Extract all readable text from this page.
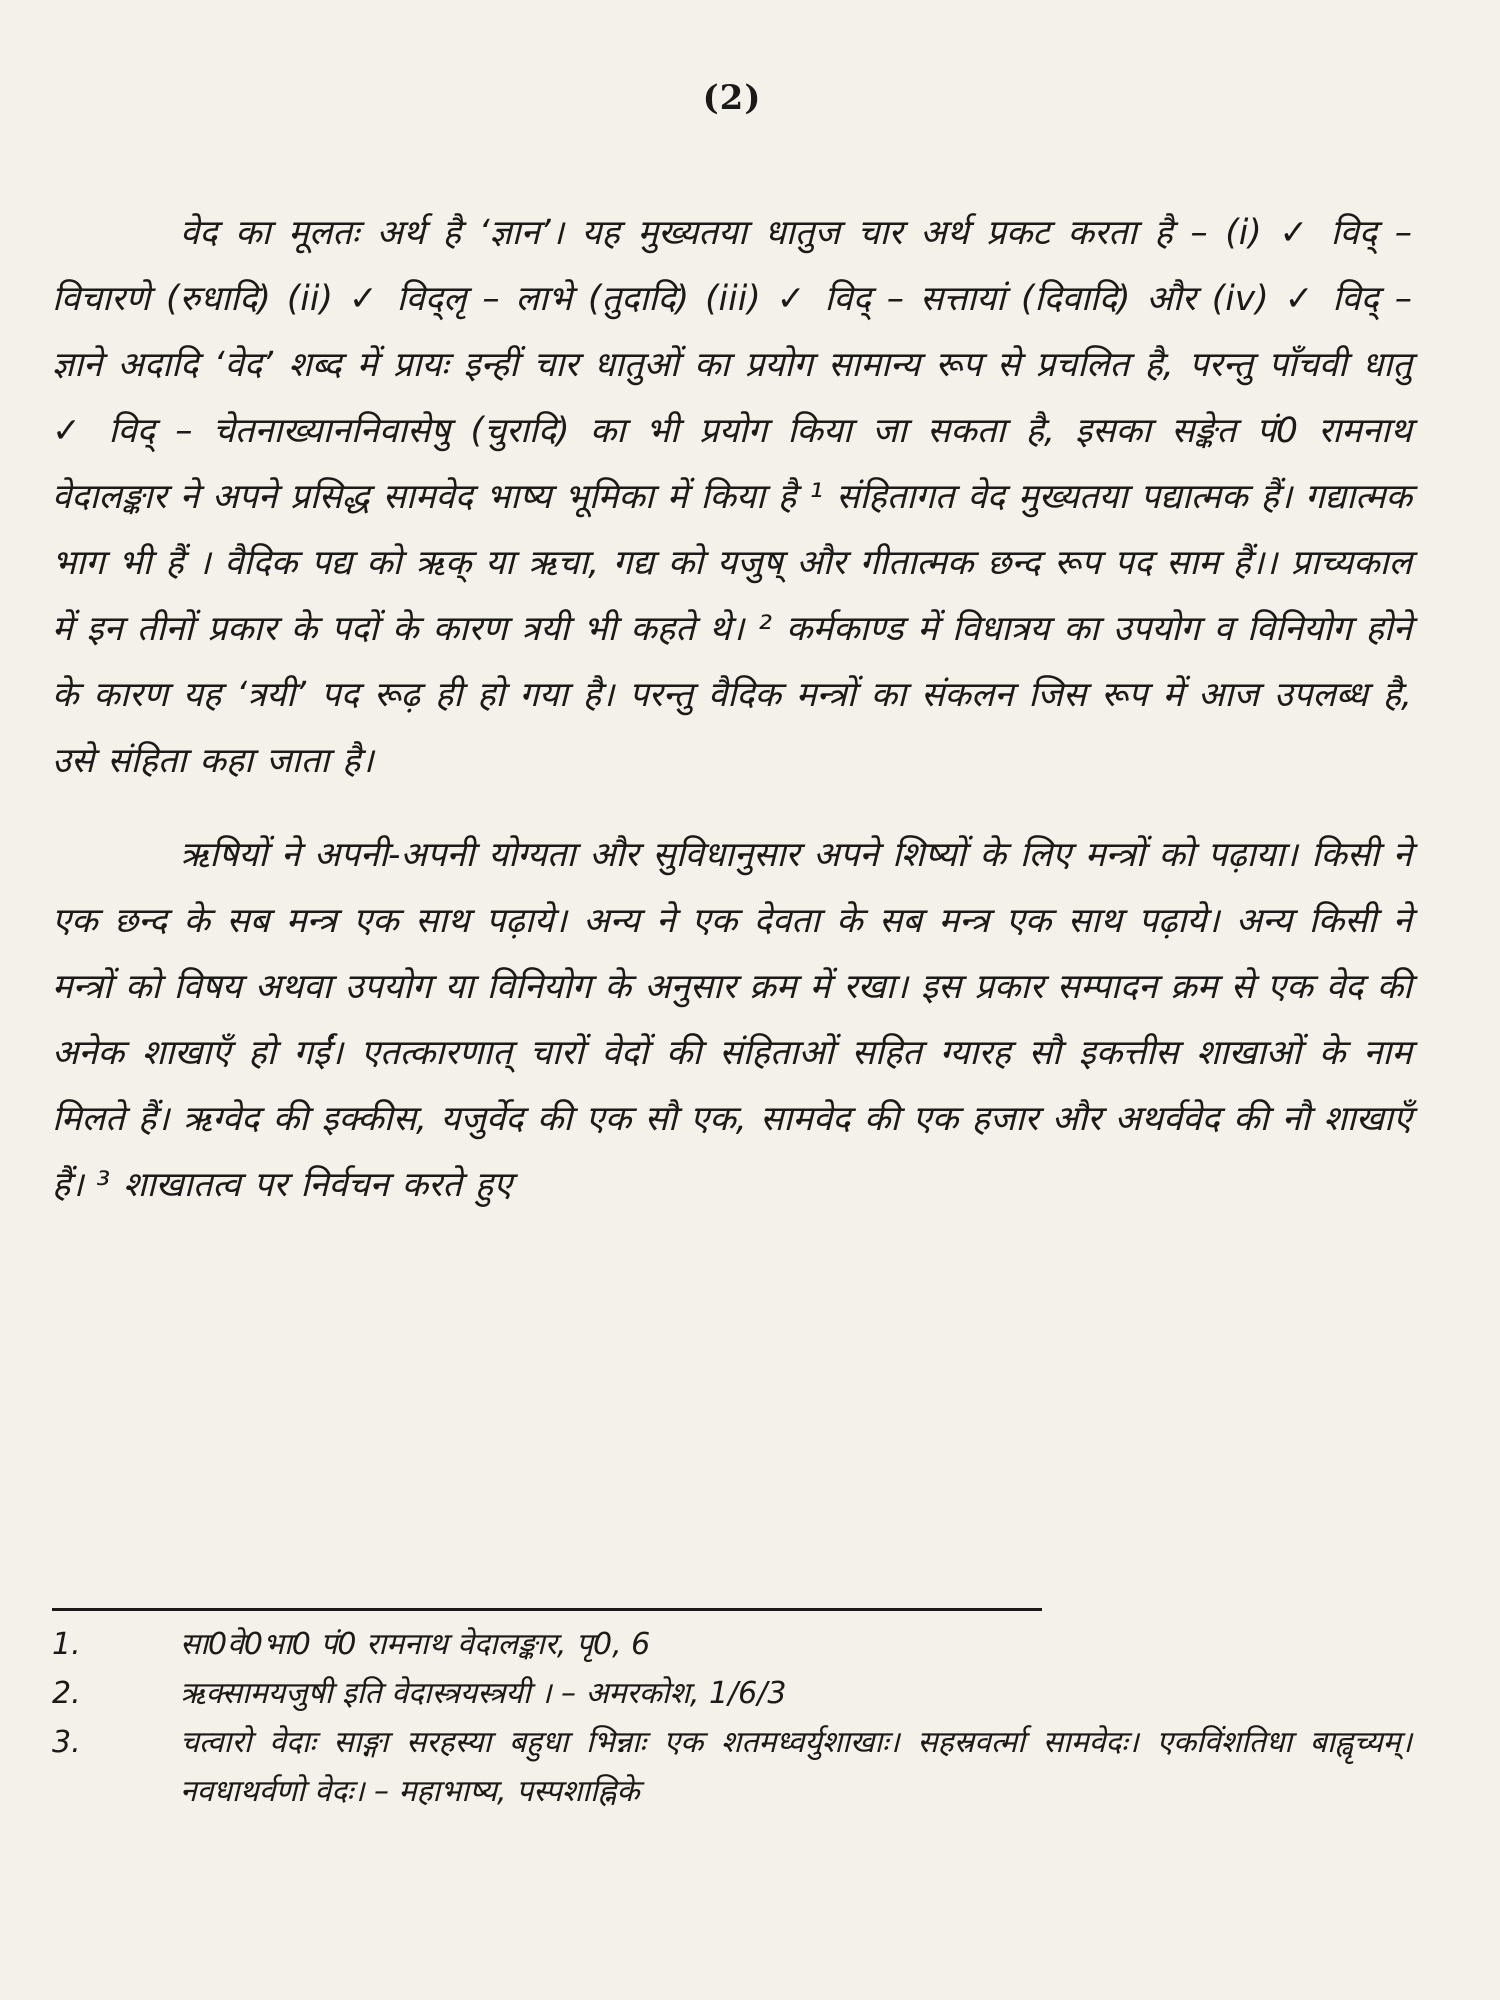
(2)

वेद का मूलतः अर्थ है ‘ज्ञान’। यह मुख्यतया धातुज चार अर्थ प्रकट करता है – (i) ✓ विद् – विचारणे (रुधादि) (ii) ✓ विद्लृ – लाभे (तुदादि) (iii) ✓ विद् – सत्तायां (दिवादि) और (iv) ✓ विद् – ज्ञाने अदादि ‘वेद’ शब्द में प्रायः इन्हीं चार धातुओं का प्रयोग सामान्य रूप से प्रचलित है, परन्तु पाँचवी धातु ✓ विद् – चेतनाख्याननिवासेषु (चुरादि) का भी प्रयोग किया जा सकता है, इसका सङ्केत पं0 रामनाथ वेदालङ्कार ने अपने प्रसिद्ध सामवेद भाष्य भूमिका में किया है ¹ संहितागत वेद मुख्यतया पद्यात्मक हैं। गद्यात्मक भाग भी हैं । वैदिक पद्य को ऋक् या ऋचा, गद्य को यजुष् और गीतात्मक छन्द रूप पद साम हैं।। प्राच्यकाल में इन तीनों प्रकार के पदों के कारण त्रयी भी कहते थे। ² कर्मकाण्ड में विधात्रय का उपयोग व विनियोग होने के कारण यह ‘त्रयी’ पद रूढ़ ही हो गया है। परन्तु वैदिक मन्त्रों का संकलन जिस रूप में आज उपलब्ध है, उसे संहिता कहा जाता है।

ऋषियों ने अपनी-अपनी योग्यता और सुविधानुसार अपने शिष्यों के लिए मन्त्रों को पढ़ाया। किसी ने एक छन्द के सब मन्त्र एक साथ पढ़ाये। अन्य ने एक देवता के सब मन्त्र एक साथ पढ़ाये। अन्य किसी ने मन्त्रों को विषय अथवा उपयोग या विनियोग के अनुसार क्रम में रखा। इस प्रकार सम्पादन क्रम से एक वेद की अनेक शाखाएँ हो गईं। एतत्कारणात् चारों वेदों की संहिताओं सहित ग्यारह सौ इकत्तीस शाखाओं के नाम मिलते हैं। ऋग्वेद की इक्कीस, यजुर्वेद की एक सौ एक, सामवेद की एक हजार और अथर्ववेद की नौ शाखाएँ हैं। ³ शाखातत्व पर निर्वचन करते हुए

1.	सा0वे0भा0 पं0 रामनाथ वेदालङ्कार, पृ0, 6
2.	ऋक्सामयजुषी इति वेदास्त्रयस्त्रयी । – अमरकोश, 1/6/3
3.	चत्वारो वेदाः साङ्गा सरहस्या बहुधा भिन्नाः एक शतमध्वर्युशाखाः। सहस्रवर्त्मा सामवेदः। एकविंशतिधा बाह्वृच्यम्। नवधाथर्वणो वेदः। – महाभाष्य, पस्पशाह्निके
